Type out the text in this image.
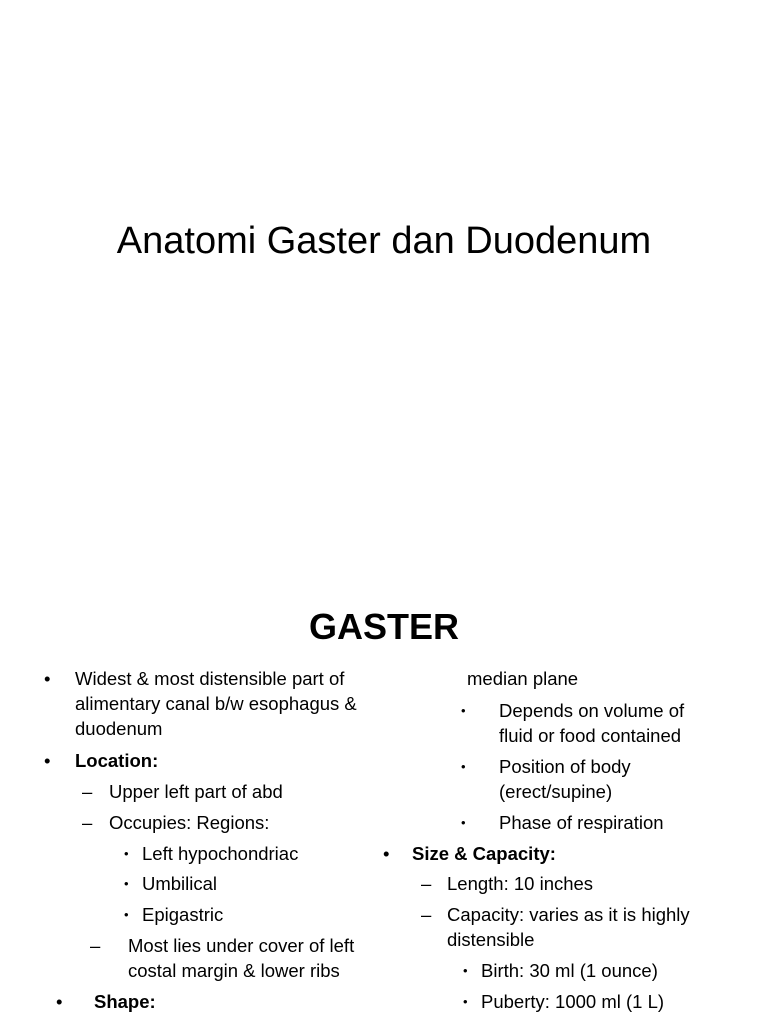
Anatomi Gaster dan Duodenum
GASTER
• Widest & most distensible part of
alimentary canal b/w esophagus &
duodenum
• Location:
– Upper left part of abd
– Occupies: Regions:
• Left hypochondriac
• Umbilical
• Epigastric
– Most lies under cover of left
costal margin & lower ribs
• Shape:
median plane
• Depends on volume of
fluid or food contained
• Position of body
(erect/supine)
• Phase of respiration
• Size & Capacity:
– Length: 10 inches
– Capacity: varies as it is highly
distensible
• Birth: 30 ml (1 ounce)
• Puberty: 1000 ml (1 L)
